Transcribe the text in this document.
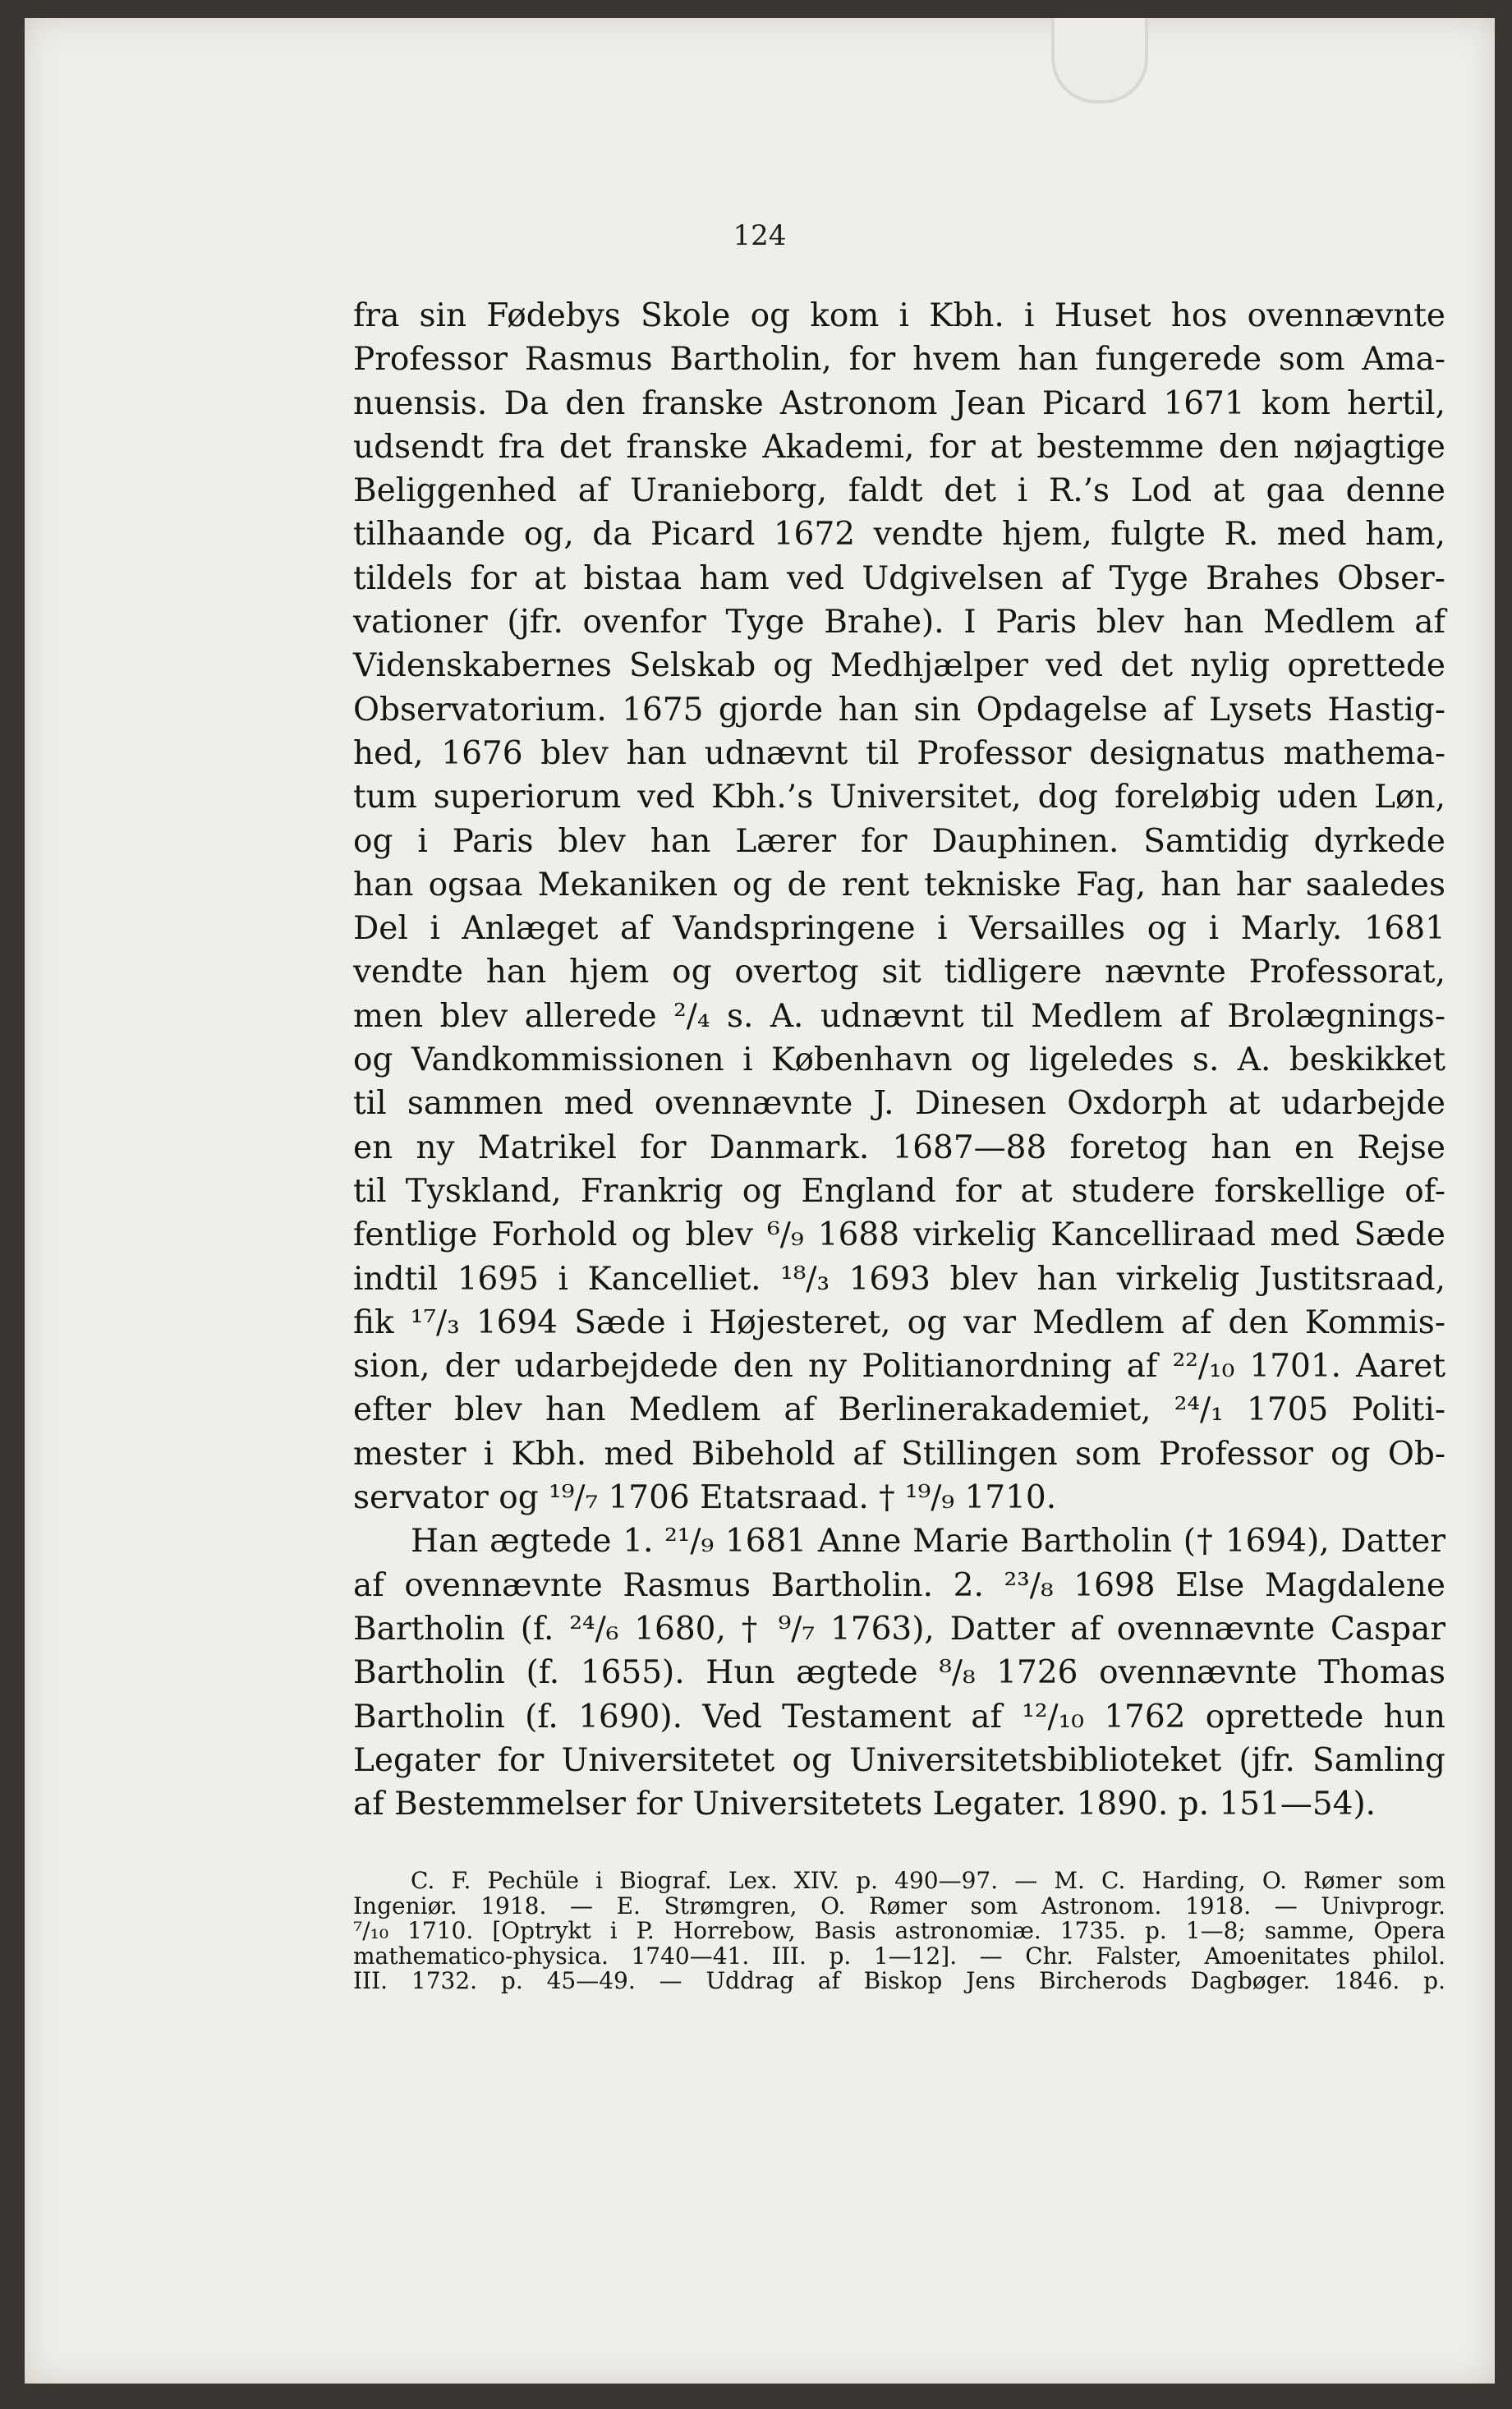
124
fra sin Fødebys Skole og kom i Kbh. i Huset hos ovennævnte
Professor Rasmus Bartholin, for hvem han fungerede som Ama-
nuensis. Da den franske Astronom Jean Picard 1671 kom hertil,
udsendt fra det franske Akademi, for at bestemme den nøjagtige
Beliggenhed af Uranieborg, faldt det i R.’s Lod at gaa denne
tilhaande og, da Picard 1672 vendte hjem, fulgte R. med ham,
tildels for at bistaa ham ved Udgivelsen af Tyge Brahes Obser-
vationer (jfr. ovenfor Tyge Brahe). I Paris blev han Medlem af
Videnskabernes Selskab og Medhjælper ved det nylig oprettede
Observatorium. 1675 gjorde han sin Opdagelse af Lysets Hastig-
hed, 1676 blev han udnævnt til Professor designatus mathema-
tum superiorum ved Kbh.’s Universitet, dog foreløbig uden Løn,
og i Paris blev han Lærer for Dauphinen. Samtidig dyrkede
han ogsaa Mekaniken og de rent tekniske Fag, han har saaledes
Del i Anlæget af Vandspringene i Versailles og i Marly. 1681
vendte han hjem og overtog sit tidligere nævnte Professorat,
men blev allerede ²/₄ s. A. udnævnt til Medlem af Brolægnings-
og Vandkommissionen i København og ligeledes s. A. beskikket
til sammen med ovennævnte J. Dinesen Oxdorph at udarbejde
en ny Matrikel for Danmark. 1687—88 foretog han en Rejse
til Tyskland, Frankrig og England for at studere forskellige of-
fentlige Forhold og blev ⁶/₉ 1688 virkelig Kancelliraad med Sæde
indtil 1695 i Kancelliet. ¹⁸/₃ 1693 blev han virkelig Justitsraad,
fik ¹⁷/₃ 1694 Sæde i Højesteret, og var Medlem af den Kommis-
sion, der udarbejdede den ny Politianordning af ²²/₁₀ 1701. Aaret
efter blev han Medlem af Berlinerakademiet, ²⁴/₁ 1705 Politi-
mester i Kbh. med Bibehold af Stillingen som Professor og Ob-
servator og ¹⁹/₇ 1706 Etatsraad. † ¹⁹/₉ 1710.
Han ægtede 1. ²¹/₉ 1681 Anne Marie Bartholin († 1694), Datter
af ovennævnte Rasmus Bartholin. 2. ²³/₈ 1698 Else Magdalene
Bartholin (f. ²⁴/₆ 1680, † ⁹/₇ 1763), Datter af ovennævnte Caspar
Bartholin (f. 1655). Hun ægtede ⁸/₈ 1726 ovennævnte Thomas
Bartholin (f. 1690). Ved Testament af ¹²/₁₀ 1762 oprettede hun
Legater for Universitetet og Universitetsbiblioteket (jfr. Samling
af Bestemmelser for Universitetets Legater. 1890. p. 151—54).
C. F. Pechüle i Biograf. Lex. XIV. p. 490—97. — M. C. Harding, O. Rømer som
Ingeniør. 1918. — E. Strømgren, O. Rømer som Astronom. 1918. — Univprogr.
⁷/₁₀ 1710. [Optrykt i P. Horrebow, Basis astronomiæ. 1735. p. 1—8; samme, Opera
mathematico-physica. 1740—41. III. p. 1—12]. — Chr. Falster, Amoenitates philol.
III. 1732. p. 45—49. — Uddrag af Biskop Jens Bircherods Dagbøger. 1846. p.
